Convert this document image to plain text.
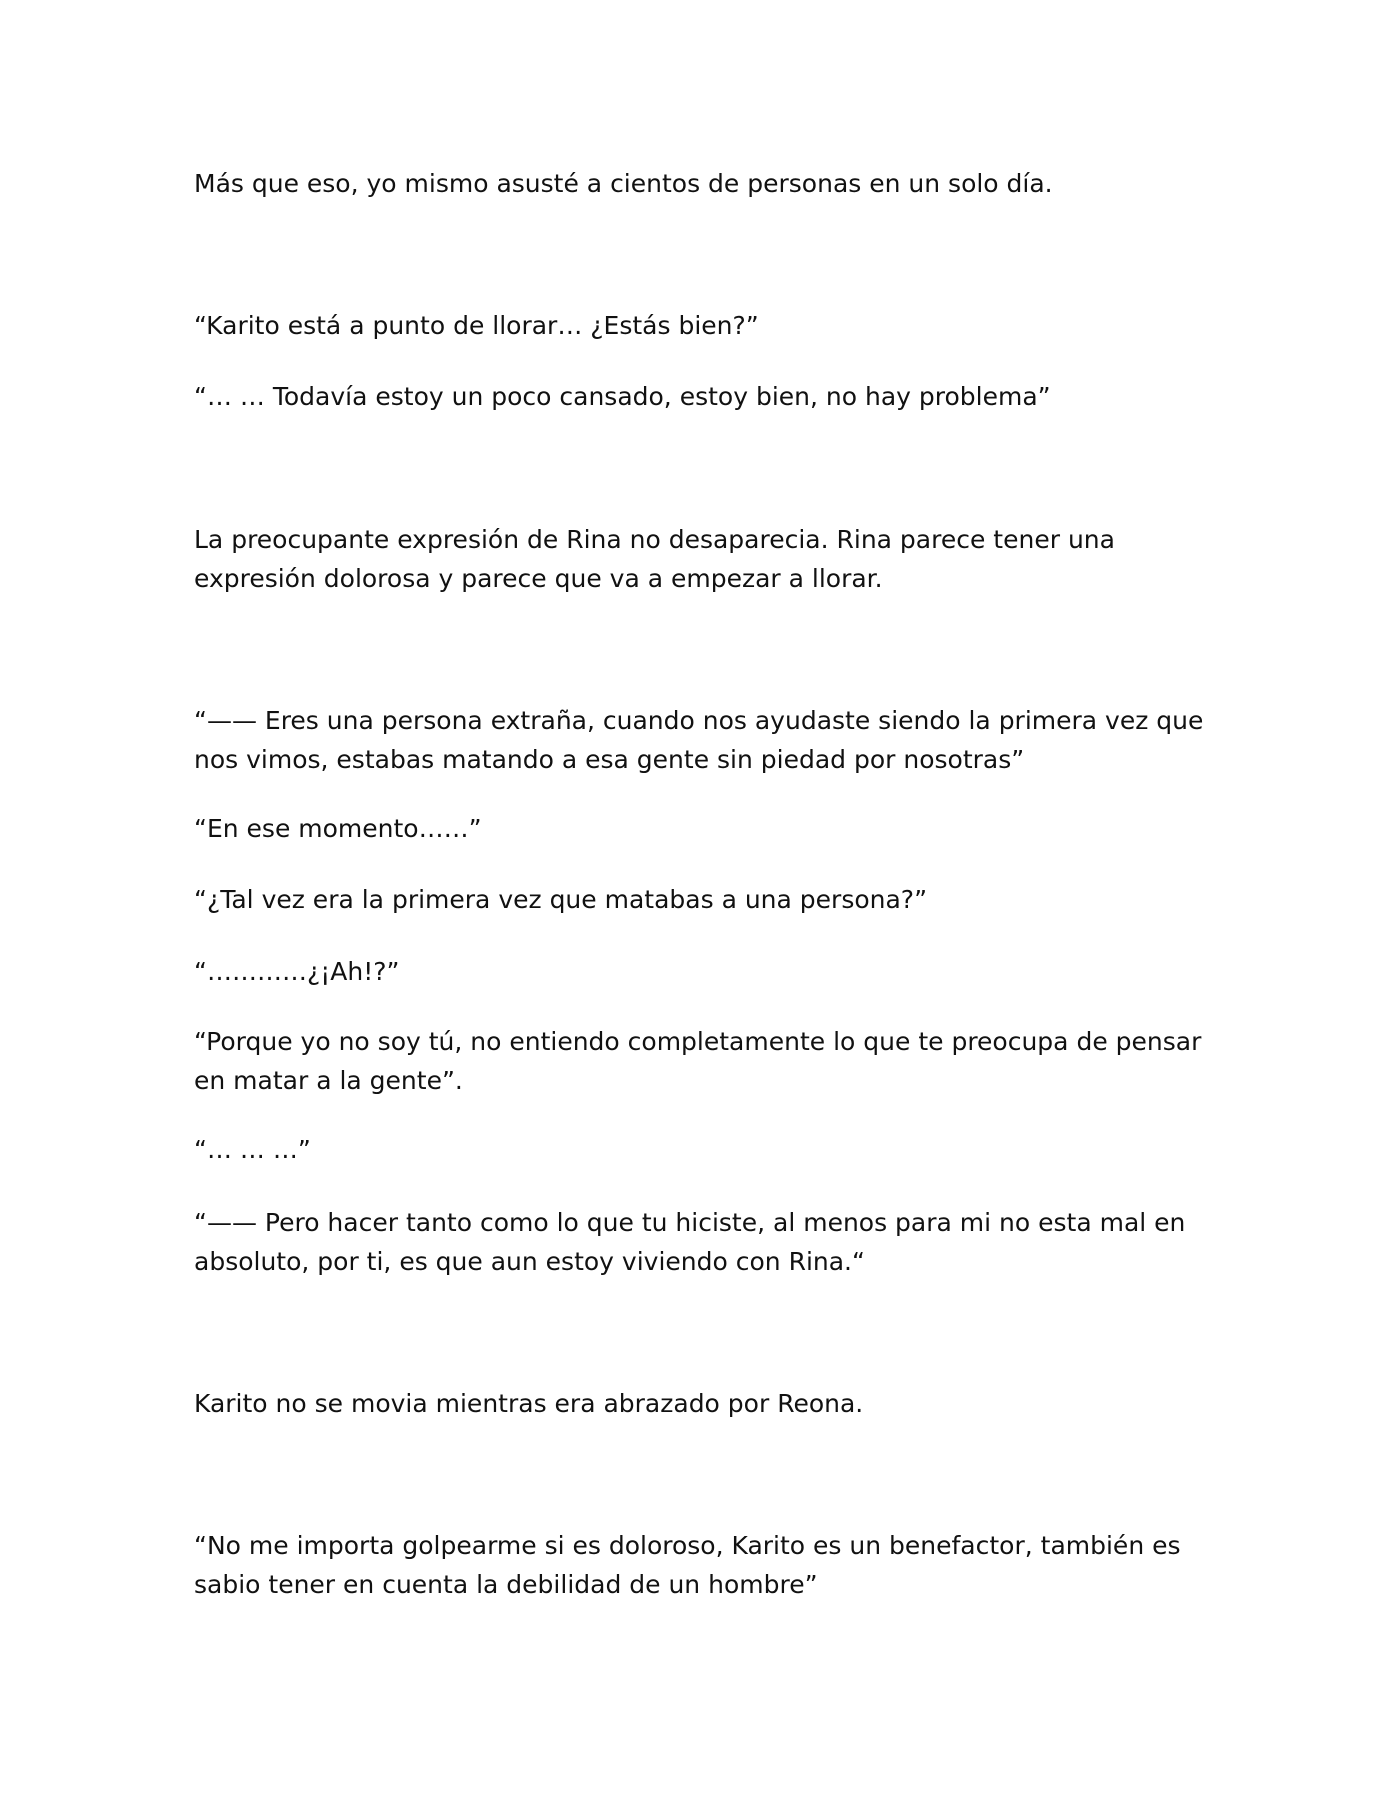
Más que eso, yo mismo asusté a cientos de personas en un solo día.

“Karito está a punto de llorar… ¿Estás bien?”

“… … Todavía estoy un poco cansado, estoy bien, no hay problema”

La preocupante expresión de Rina no desaparecia. Rina parece tener una expresión dolorosa y parece que va a empezar a llorar.

“—— Eres una persona extraña, cuando nos ayudaste siendo la primera vez que nos vimos, estabas matando a esa gente sin piedad por nosotras”

“En ese momento……”

“¿Tal vez era la primera vez que matabas a una persona?”

“…………¿¡Ah!?”

“Porque yo no soy tú, no entiendo completamente lo que te preocupa de pensar en matar a la gente”.

“… … …”

“—— Pero hacer tanto como lo que tu hiciste, al menos para mi no esta mal en absoluto, por ti, es que aun estoy viviendo con Rina.“

Karito no se movia mientras era abrazado por Reona.

“No me importa golpearme si es doloroso, Karito es un benefactor, también es sabio tener en cuenta la debilidad de un hombre”
